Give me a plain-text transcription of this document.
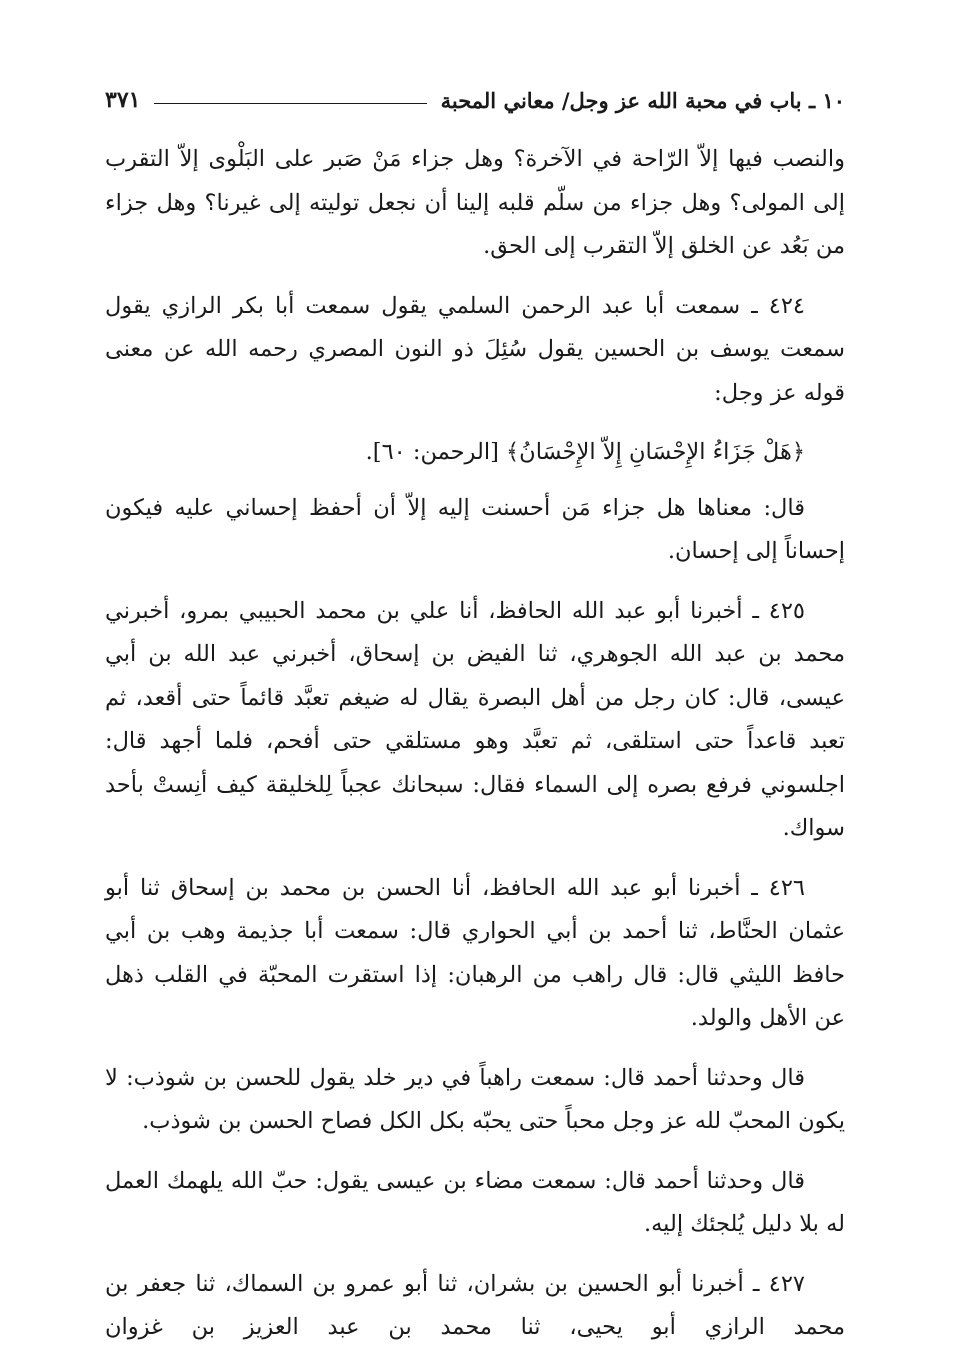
١٠ ـ باب في محبة الله عز وجل/ معاني المحبة
٣٧١

والنصب فيها إلاّ الرّاحة في الآخرة؟ وهل جزاء مَنْ صَبر على البَلْوى إلاّ التقرب إلى المولى؟ وهل جزاء من سلّم قلبه إلينا أن نجعل توليته إلى غيرنا؟ وهل جزاء من بَعُد عن الخلق إلاّ التقرب إلى الحق.

٤٢٤ ـ سمعت أبا عبد الرحمن السلمي يقول سمعت أبا بكر الرازي يقول سمعت يوسف بن الحسين يقول سُئِلَ ذو النون المصري رحمه الله عن معنى قوله عز وجل:

﴿هَلْ جَزَاءُ الإِحْسَانِ إِلاّ الإِحْسَانُ﴾ [الرحمن: ٦٠].

قال: معناها هل جزاء مَن أحسنت إليه إلاّ أن أحفظ إحساني عليه فيكون إحساناً إلى إحسان.

٤٢٥ ـ أخبرنا أبو عبد الله الحافظ، أنا علي بن محمد الحبيبي بمرو، أخبرني محمد بن عبد الله الجوهري، ثنا الفيض بن إسحاق، أخبرني عبد الله بن أبي عيسى، قال: كان رجل من أهل البصرة يقال له ضيغم تعبَّد قائماً حتى أقعد، ثم تعبد قاعداً حتى استلقى، ثم تعبَّد وهو مستلقي حتى أفحم، فلما أجهد قال: اجلسوني فرفع بصره إلى السماء فقال: سبحانك عجباً لِلخليقة كيف أنِستْ بأحد سواك.

٤٢٦ ـ أخبرنا أبو عبد الله الحافظ، أنا الحسن بن محمد بن إسحاق ثنا أبو عثمان الحنَّاط، ثنا أحمد بن أبي الحواري قال: سمعت أبا جذيمة وهب بن أبي حافظ الليثي قال: قال راهب من الرهبان: إذا استقرت المحبّة في القلب ذهل عن الأهل والولد.

قال وحدثنا أحمد قال: سمعت راهباً في دير خلد يقول للحسن بن شوذب: لا يكون المحبّ لله عز وجل محباً حتى يحبّه بكل الكل فصاح الحسن بن شوذب.

قال وحدثنا أحمد قال: سمعت مضاء بن عيسى يقول: حبّ الله يلهمك العمل له بلا دليل يُلجئك إليه.

٤٢٧ ـ أخبرنا أبو الحسين بن بشران، ثنا أبو عمرو بن السماك، ثنا جعفر بن محمد الرازي أبو يحيى، ثنا محمد بن عبد العزيز بن غزوان
